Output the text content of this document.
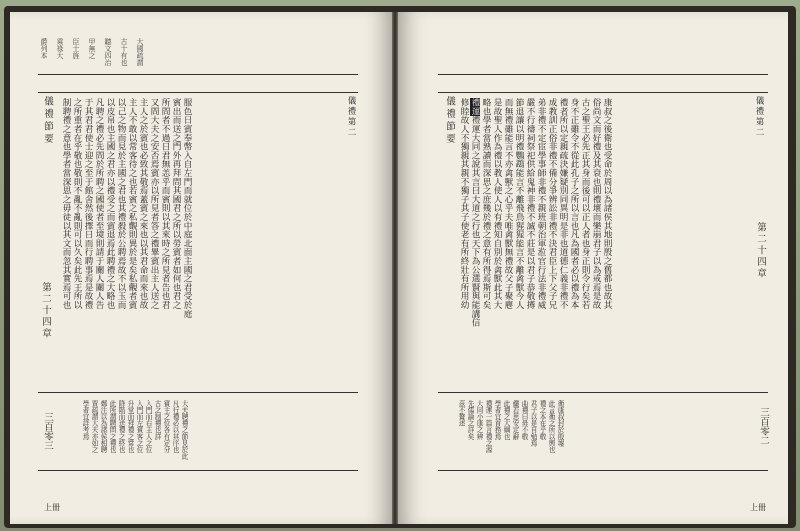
大國疏謂
古十有也
聽文四治
甲無之
臣士旌
乘祿大
爵列本
儀禮節要
第二十四章
儀禮第二
服色日賓奉幣入自左門而就位於中庭北面主國之君受於庭
賓出而送之門外再拜問其國君之所以勞賓者如何也君之
所問者不過日君無恙乎而賓則以其來時之所見者告也君
又問大夫之安否焉賓亦以所見者答之禮畢賓出主人送之
主人之於賓也必致其敬焉蓋賓之來也以其君命而來也故
主人不敢以常客待之也若賓之私覿則異於是矣私覿者賓
以己之物而見於主國之君也其禮殺於公聘焉故不以玉而
以皮帛也主國之君亦以禮受之而賓退焉此聘禮之大略也
凡聘之禮必先問於所聘之國使者至境則請于關人關人告
于其君君使士迎之至于館舍然後擇日而行聘事焉是故禮
之所重者在乎敬也敬則不亂不亂則可以久矣此先王所以
制聘禮之意也學者當深思之毋徒以其文而忽其實焉可也
大夫聘禮之節見於此
凡行禮必以其序也
賓主之位各有定分
古之制禮也詳
入門而右主人之位
入門而左賓客之位
升堂而拜禮之常也
降階而送禮之終也
此所謂聘問之禮也
鄭注以為諸侯相聘
賈疏謂大夫亦如之
學者宜詳考焉
三百零三
上冊
儀禮節要
第二十四章
儀禮第二
三百零二
康叔之後衛也受命於周以為諸侯其地則殷之舊都也故其
俗尚文而好禮及其衰也則禮壞而樂崩君子以為戒焉是故
古之聖王必先正其身而後可以正人者也身正則令行矣若
身不正雖令不從此孔子之所以言也凡為國者必以禮為本
禮者所以定親疏決嫌疑別同異明是非也道德仁義非禮不
成教訓正俗非禮不備分爭辨訟非禮不決君臣上下父子兄
弟非禮不定宦學事師非禮不親班朝治軍涖官行法非禮威
嚴不行禱祠祭祀供給鬼神非禮不誠不莊是以君子恭敬撙
節退讓以明禮鸚鵡能言不離飛鳥猩猩能言不離禽獸今人
而無禮雖能言不亦禽獸之心乎夫唯禽獸無禮故父子聚麀
是故聖人作為禮以教人使人以有禮知自別於禽獸此其大
略也學者當熟讀而深思之庶幾於禮之意有所得焉斯可矣
禮運禮運大同之說其言曰大道之行也天下為公選賢與能講信
修睦故人不獨親其親不獨子其子使老有所終壯有所用幼
衛康叔封於殷墟
此言衛之所以興也
禮之本在乎敬
君子以是自勉焉
曲禮曰毋不敬
儼若思安定辭
此禮之大綱也
學者宜首務焉
禮運一篇言禮之源
大同小康之辨
先儒論之詳矣
茲不贅述
上冊
